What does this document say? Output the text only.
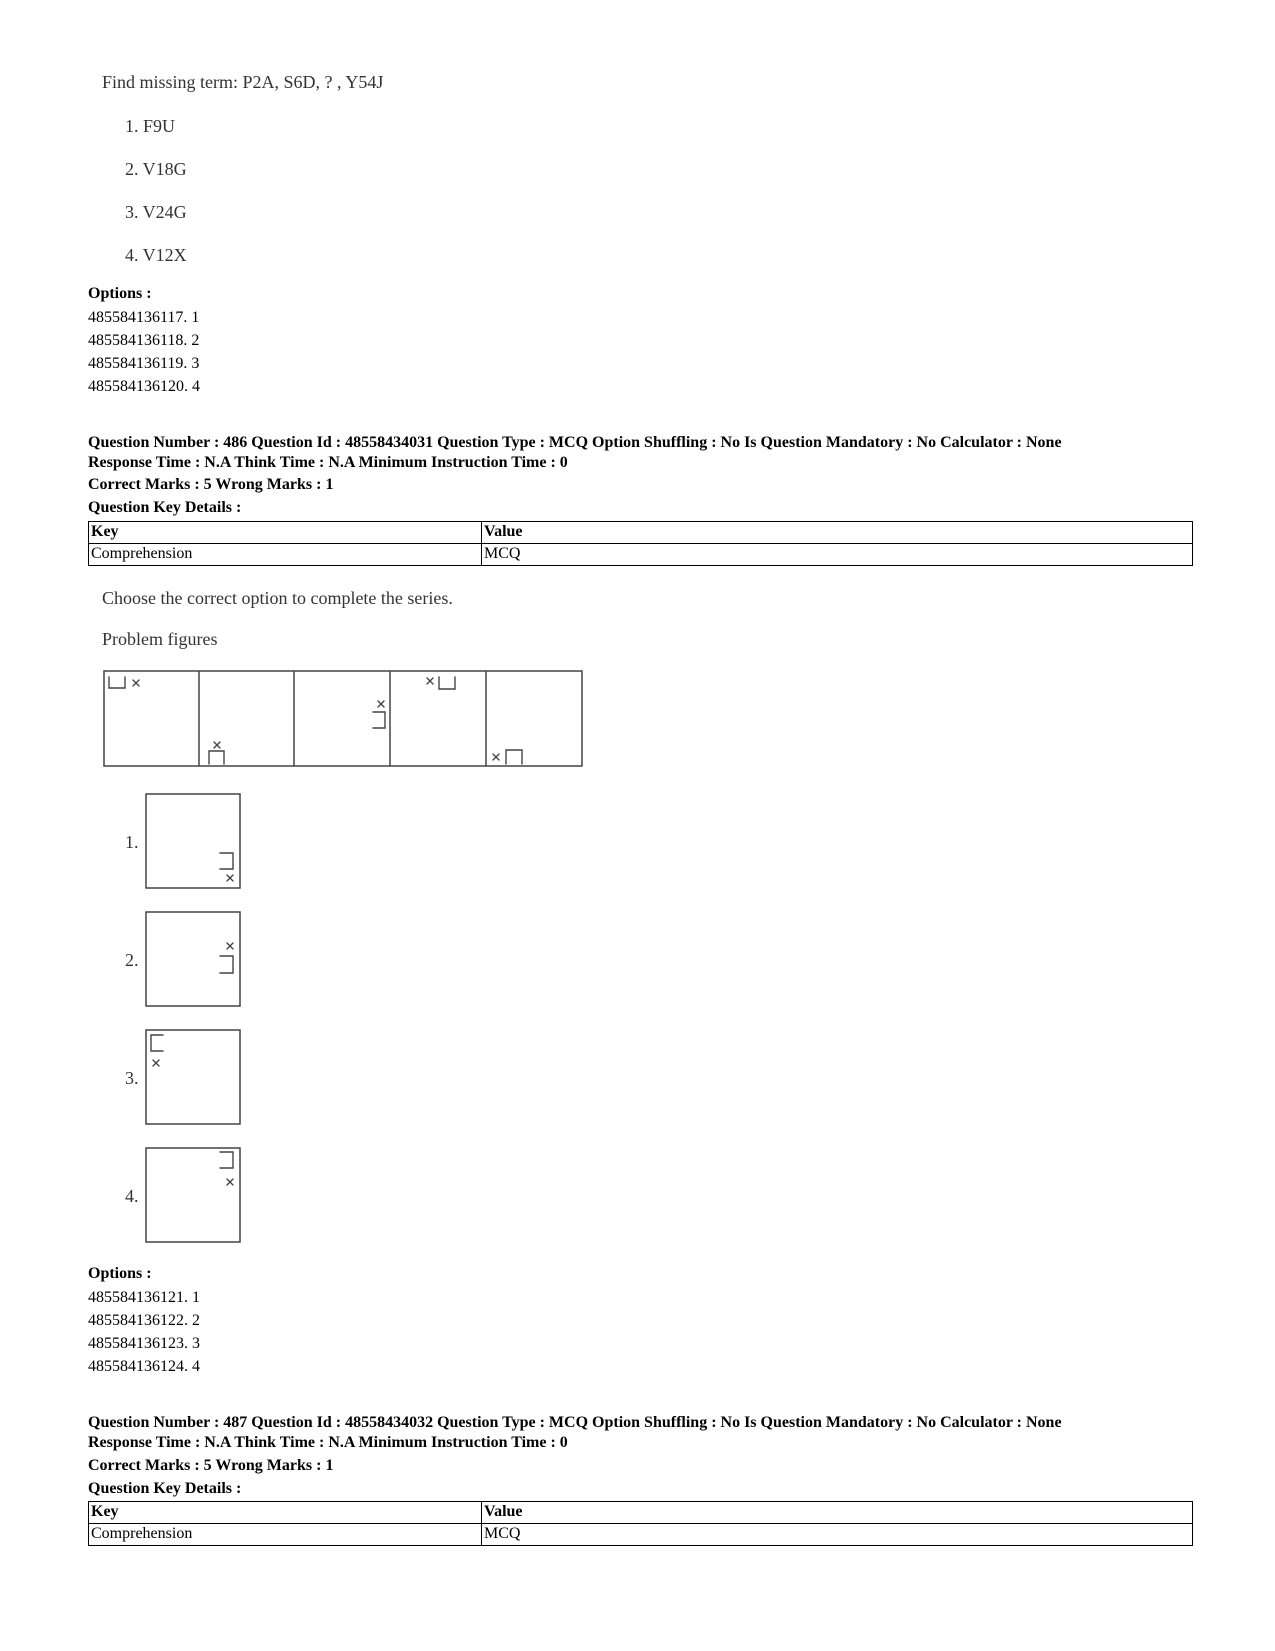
Find missing term: P2A, S6D, ? , Y54J
1. F9U
2. V18G
3. V24G
4. V12X
Options :
485584136117. 1
485584136118. 2
485584136119. 3
485584136120. 4
Question Number : 486 Question Id : 48558434031 Question Type : MCQ Option Shuffling : No Is Question Mandatory : No Calculator : None
Response Time : N.A Think Time : N.A Minimum Instruction Time : 0
Correct Marks : 5 Wrong Marks : 1
Question Key Details :
Key	Value
Comprehension	MCQ
Choose the correct option to complete the series.
Problem figures
1.
2.
3.
4.
Options :
485584136121. 1
485584136122. 2
485584136123. 3
485584136124. 4
Question Number : 487 Question Id : 48558434032 Question Type : MCQ Option Shuffling : No Is Question Mandatory : No Calculator : None
Response Time : N.A Think Time : N.A Minimum Instruction Time : 0
Correct Marks : 5 Wrong Marks : 1
Question Key Details :
Key	Value
Comprehension	MCQ
